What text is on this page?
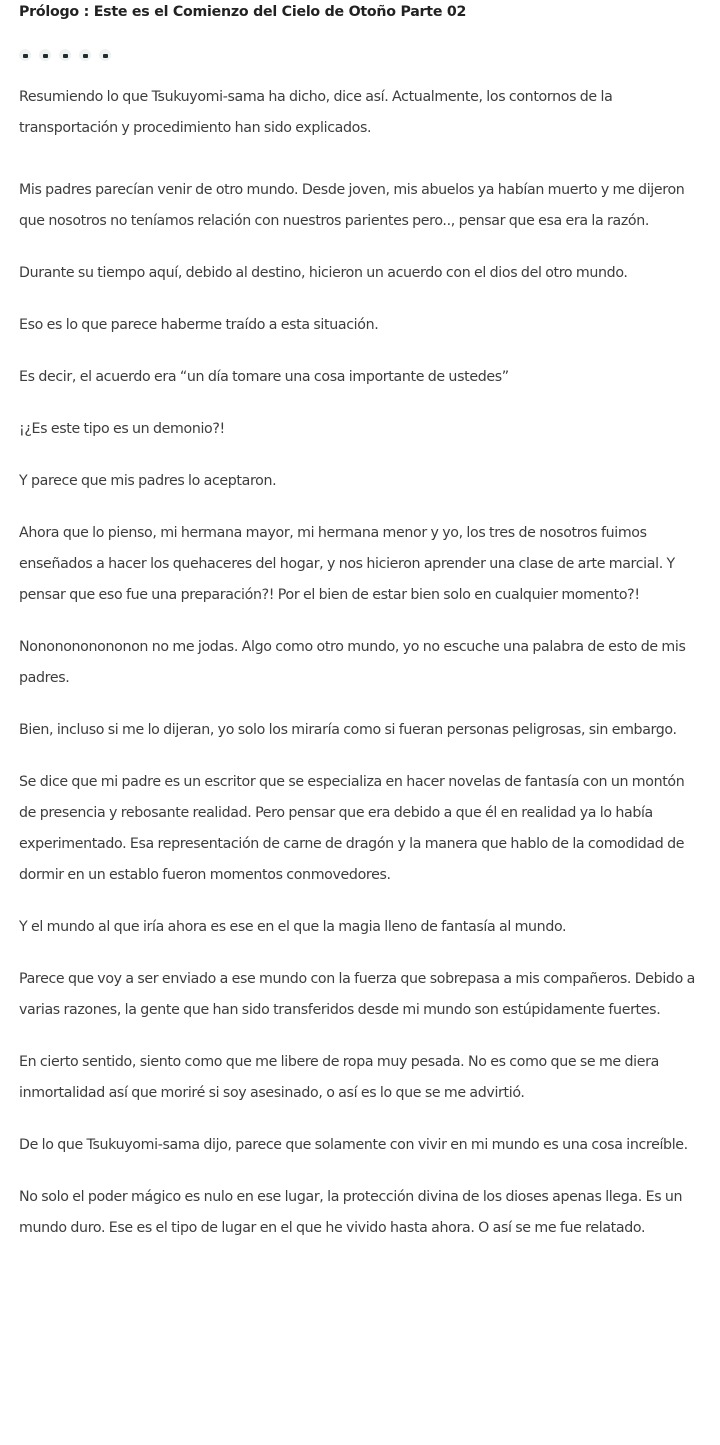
Prólogo : Este es el Comienzo del Cielo de Otoño Parte 02

Resumiendo lo que Tsukuyomi-sama ha dicho, dice así. Actualmente, los contornos de la transportación y procedimiento han sido explicados.

Mis padres parecían venir de otro mundo. Desde joven, mis abuelos ya habían muerto y me dijeron que nosotros no teníamos relación con nuestros parientes pero.., pensar que esa era la razón.

Durante su tiempo aquí, debido al destino, hicieron un acuerdo con el dios del otro mundo.

Eso es lo que parece haberme traído a esta situación.

Es decir, el acuerdo era “un día tomare una cosa importante de ustedes”

¡¿Es este tipo es un demonio?!

Y parece que mis padres lo aceptaron.

Ahora que lo pienso, mi hermana mayor, mi hermana menor y yo, los tres de nosotros fuimos enseñados a hacer los quehaceres del hogar, y nos hicieron aprender una clase de arte marcial. Y pensar que eso fue una preparación?! Por el bien de estar bien solo en cualquier momento?!

Nononononononon no me jodas. Algo como otro mundo, yo no escuche una palabra de esto de mis padres.

Bien, incluso si me lo dijeran, yo solo los miraría como si fueran personas peligrosas, sin embargo.

Se dice que mi padre es un escritor que se especializa en hacer novelas de fantasía con un montón de presencia y rebosante realidad. Pero pensar que era debido a que él en realidad ya lo había experimentado. Esa representación de carne de dragón y la manera que hablo de la comodidad de dormir en un establo fueron momentos conmovedores.

Y el mundo al que iría ahora es ese en el que la magia lleno de fantasía al mundo.

Parece que voy a ser enviado a ese mundo con la fuerza que sobrepasa a mis compañeros. Debido a varias razones, la gente que han sido transferidos desde mi mundo son estúpidamente fuertes.

En cierto sentido, siento como que me libere de ropa muy pesada. No es como que se me diera inmortalidad así que moriré si soy asesinado, o así es lo que se me advirtió.

De lo que Tsukuyomi-sama dijo, parece que solamente con vivir en mi mundo es una cosa increíble.

No solo el poder mágico es nulo en ese lugar, la protección divina de los dioses apenas llega. Es un mundo duro. Ese es el tipo de lugar en el que he vivido hasta ahora. O así se me fue relatado.
